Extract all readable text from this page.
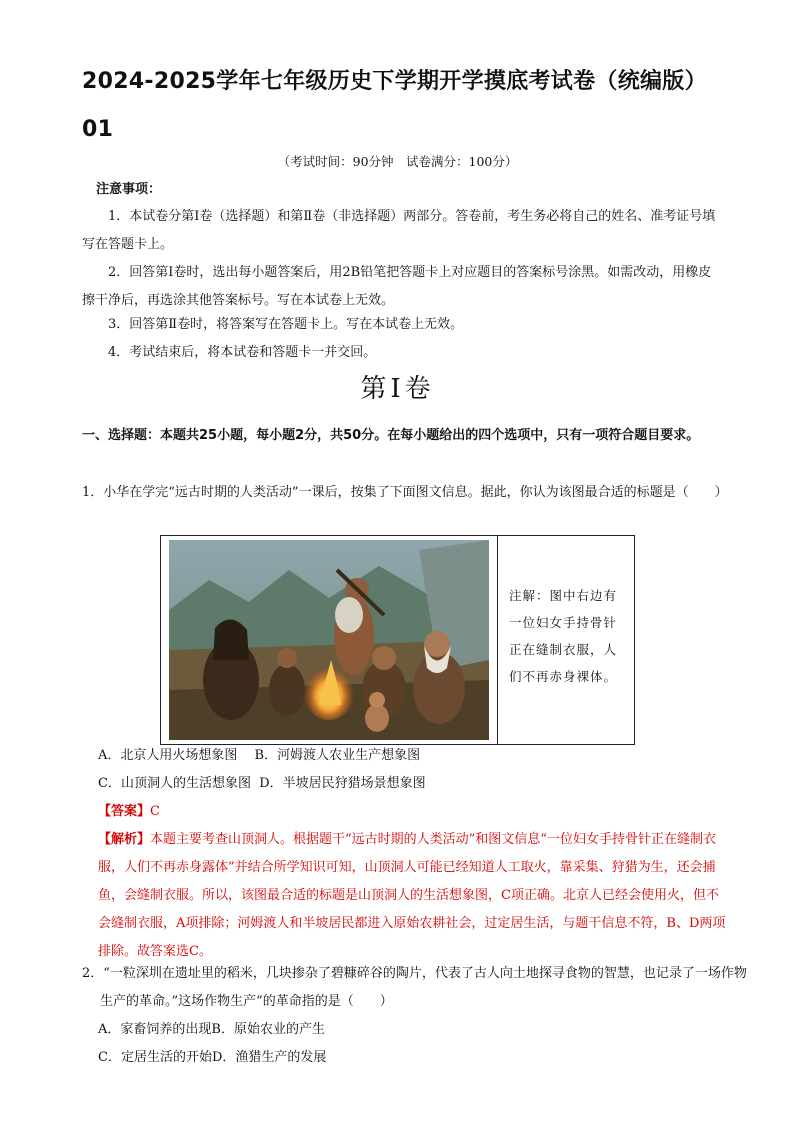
2024-2025学年七年级历史下学期开学摸底考试卷（统编版）01
（考试时间：90分钟　试卷满分：100分）
注意事项：
1．本试卷分第Ⅰ卷（选择题）和第Ⅱ卷（非选择题）两部分。答卷前，考生务必将自己的姓名、准考证号填写在答题卡上。
2．回答第Ⅰ卷时，选出每小题答案后，用2B铅笔把答题卡上对应题目的答案标号涂黑。如需改动，用橡皮擦干净后，再选涂其他答案标号。写在本试卷上无效。
3．回答第Ⅱ卷时，将答案写在答题卡上。写在本试卷上无效。
4．考试结束后，将本试卷和答题卡一并交回。
第Ⅰ卷
一、选择题：本题共25小题，每小题2分，共50分。在每小题给出的四个选项中，只有一项符合题目要求。
1．小华在学完“远古时期的人类活动”一课后，按集了下面图文信息。据此，你认为该图最合适的标题是（　　）
注解：图中右边有一位妇女手持骨针正在缝制衣服，人们不再赤身裸体。
A．北京人用火场想象图　 B．河姆渡人农业生产想象图
C．山顶洞人的生活想象图  D．半坡居民狩猎场景想象图
【答案】C
【解析】本题主要考查山顶洞人。根据题干“远古时期的人类活动”和图文信息“一位妇女手持骨针正在缝制衣服，人们不再赤身露体”并结合所学知识可知，山顶洞人可能已经知道人工取火，靠采集、狩猎为生，还会捕鱼，会缝制衣服。所以，该图最合适的标题是山顶洞人的生活想象图，C项正确。北京人已经会使用火，但不会缝制衣服，A项排除；河姆渡人和半坡居民都进入原始农耕社会，过定居生活，与题干信息不符，B、D两项排除。故答案选C。
2．“一粒深圳在遗址里的稻米，几块掺杂了碧糠碎谷的陶片，代表了古人向土地探寻食物的智慧，也记录了一场作物生产的革命。”这场作物生产”的革命指的是（　　）
A．家畜饲养的出现B．原始农业的产生
C．定居生活的开始D．渔猎生产的发展
